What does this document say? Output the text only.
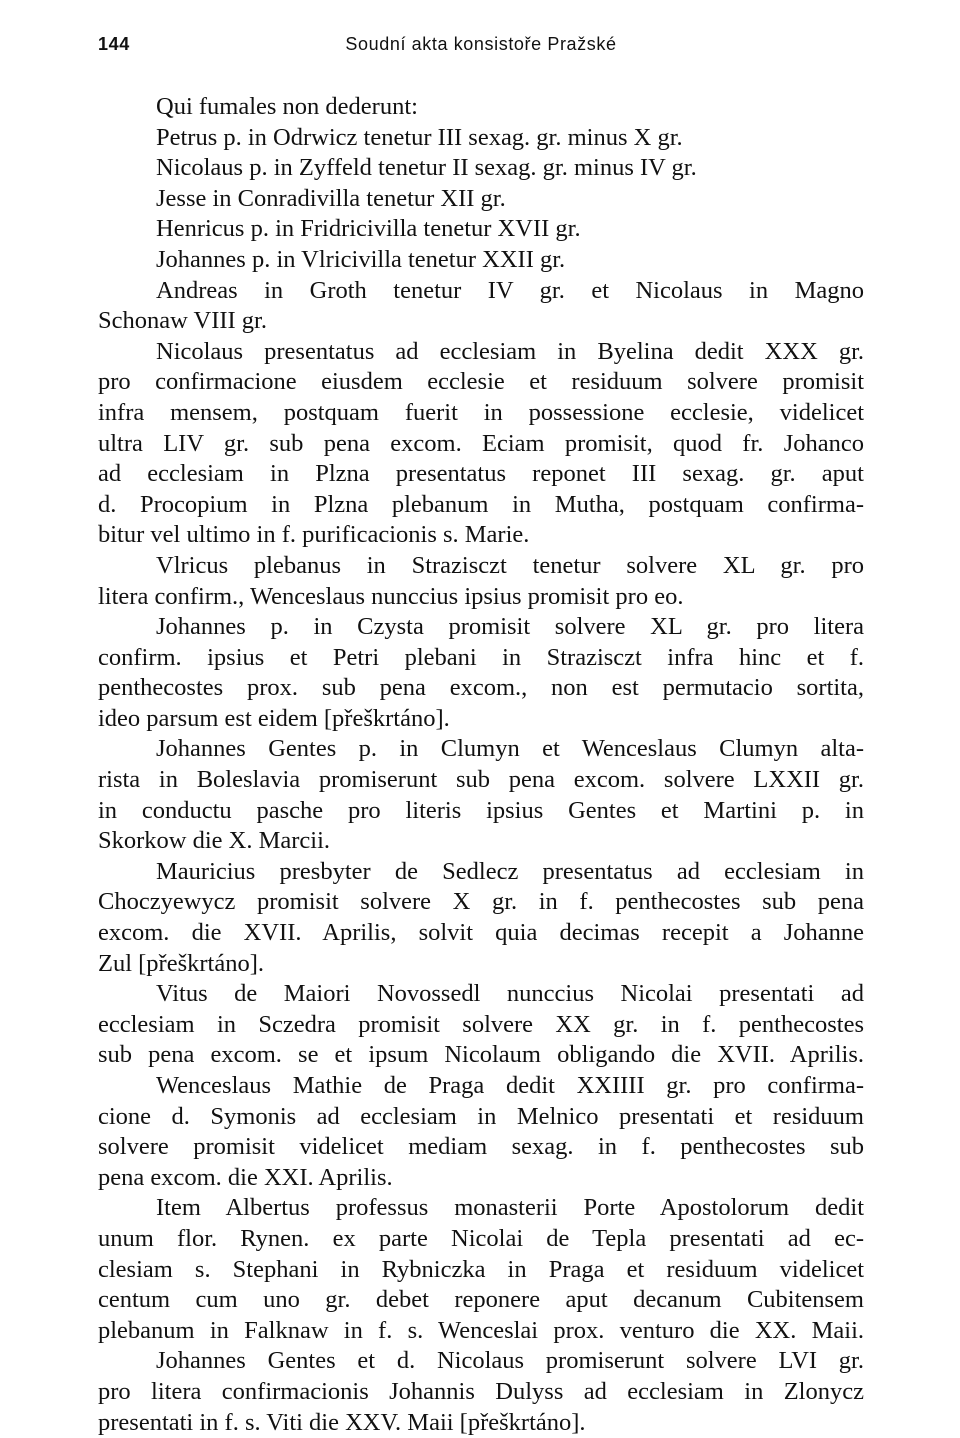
144	Soudní akta konsistoře Pražské
Qui fumales non dederunt:
Petrus p. in Odrwicz tenetur III sexag. gr. minus X gr.
Nicolaus p. in Zyffeld tenetur II sexag. gr. minus IV gr.
Jesse in Conradivilla tenetur XII gr.
Henricus p. in Fridricivilla tenetur XVII gr.
Johannes p. in Vlricivilla tenetur XXII gr.
Andreas in Groth tenetur IV gr. et Nicolaus in Magno
Schonaw VIII gr.
Nicolaus presentatus ad ecclesiam in Byelina dedit XXX gr.
pro confirmacione eiusdem ecclesie et residuum solvere promisit
infra mensem, postquam fuerit in possessione ecclesie, videlicet
ultra LIV gr. sub pena excom. Eciam promisit, quod fr. Johanco
ad ecclesiam in Plzna presentatus reponet III sexag. gr. aput
d. Procopium in Plzna plebanum in Mutha, postquam confirma-
bitur vel ultimo in f. purificacionis s. Marie.
Vlricus plebanus in Strazisczt tenetur solvere XL gr. pro
litera confirm., Wenceslaus nunccius ipsius promisit pro eo.
Johannes p. in Czysta promisit solvere XL gr. pro litera
confirm. ipsius et Petri plebani in Strazisczt infra hinc et f.
penthecostes prox. sub pena excom., non est permutacio sortita,
ideo parsum est eidem [přeškrtáno].
Johannes Gentes p. in Clumyn et Wenceslaus Clumyn alta-
rista in Boleslavia promiserunt sub pena excom. solvere LXXII gr.
in conductu pasche pro literis ipsius Gentes et Martini p. in
Skorkow die X. Marcii.
Mauricius presbyter de Sedlecz presentatus ad ecclesiam in
Choczyewycz promisit solvere X gr. in f. penthecostes sub pena
excom. die XVII. Aprilis, solvit quia decimas recepit a Johanne
Zul [přeškrtáno].
Vitus de Maiori Novossedl nunccius Nicolai presentati ad
ecclesiam in Sczedra promisit solvere XX gr. in f. penthecostes
sub pena excom. se et ipsum Nicolaum obligando die XVII. Aprilis.
Wenceslaus Mathie de Praga dedit XXIIII gr. pro confirma-
cione d. Symonis ad ecclesiam in Melnico presentati et residuum
solvere promisit videlicet mediam sexag. in f. penthecostes sub
pena excom. die XXI. Aprilis.
Item Albertus professus monasterii Porte Apostolorum dedit
unum flor. Rynen. ex parte Nicolai de Tepla presentati ad ec-
clesiam s. Stephani in Rybniczka in Praga et residuum videlicet
centum cum uno gr. debet reponere aput decanum Cubitensem
plebanum in Falknaw in f. s. Wenceslai prox. venturo die XX. Maii.
Johannes Gentes et d. Nicolaus promiserunt solvere LVI gr.
pro litera confirmacionis Johannis Dulyss ad ecclesiam in Zlonycz
presentati in f. s. Viti die XXV. Maii [přeškrtáno].
